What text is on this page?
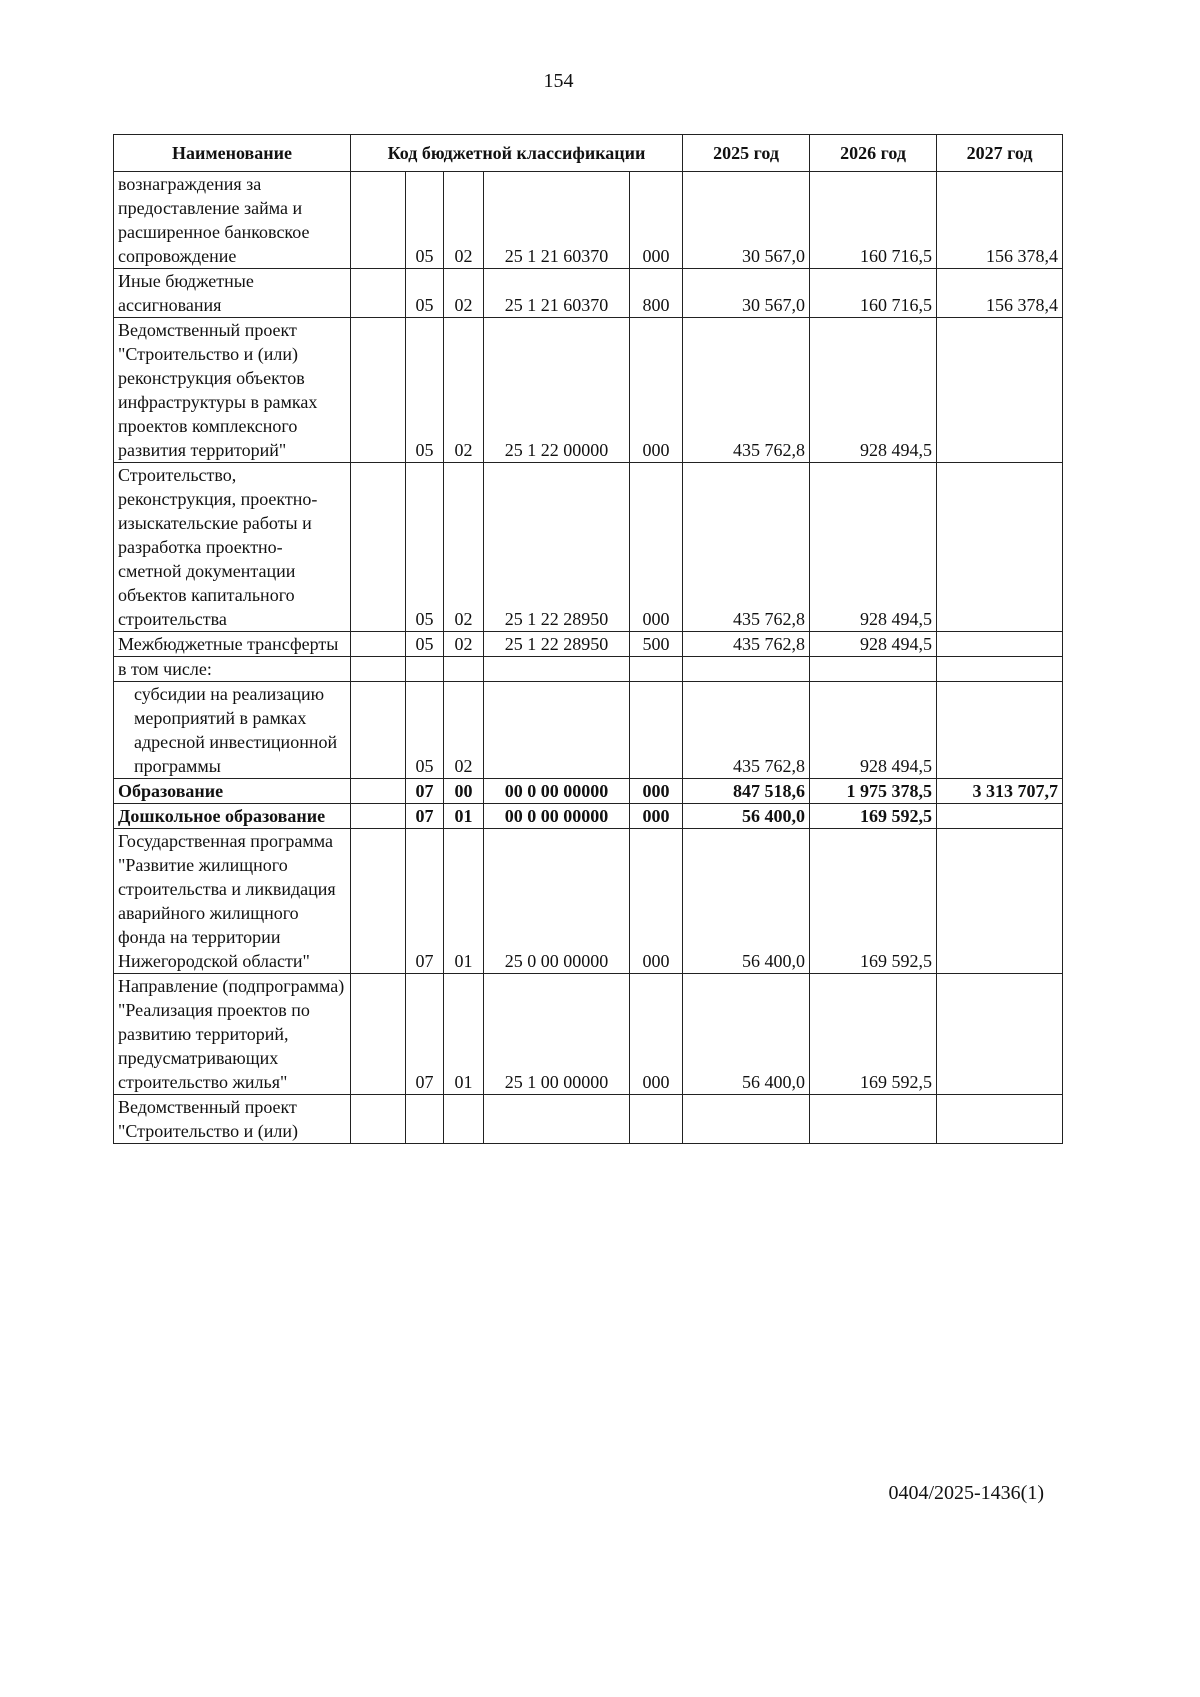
154
Наименование	Код бюджетной классификации					2025 год	2026 год	2027 год
вознаграждения за предоставление займа и расширенное банковское сопровождение		05	02	25 1 21 60370	000	30 567,0	160 716,5	156 378,4
Иные бюджетные ассигнования		05	02	25 1 21 60370	800	30 567,0	160 716,5	156 378,4
Ведомственный проект "Строительство и (или) реконструкция объектов инфраструктуры в рамках проектов комплексного развития территорий"		05	02	25 1 22 00000	000	435 762,8	928 494,5	
Строительство, реконструкция, проектно-изыскательские работы и разработка проектно-сметной документации объектов капитального строительства		05	02	25 1 22 28950	000	435 762,8	928 494,5	
Межбюджетные трансферты		05	02	25 1 22 28950	500	435 762,8	928 494,5	
в том числе:								
субсидии на реализацию мероприятий в рамках адресной инвестиционной программы		05	02			435 762,8	928 494,5	
Образование		07	00	00 0 00 00000	000	847 518,6	1 975 378,5	3 313 707,7
Дошкольное образование		07	01	00 0 00 00000	000	56 400,0	169 592,5	
Государственная программа "Развитие жилищного строительства и ликвидация аварийного жилищного фонда на территории Нижегородской области"		07	01	25 0 00 00000	000	56 400,0	169 592,5	
Направление (подпрограмма) "Реализация проектов по развитию территорий, предусматривающих строительство жилья"		07	01	25 1 00 00000	000	56 400,0	169 592,5	
Ведомственный проект "Строительство и (или)								
0404/2025-1436(1)
